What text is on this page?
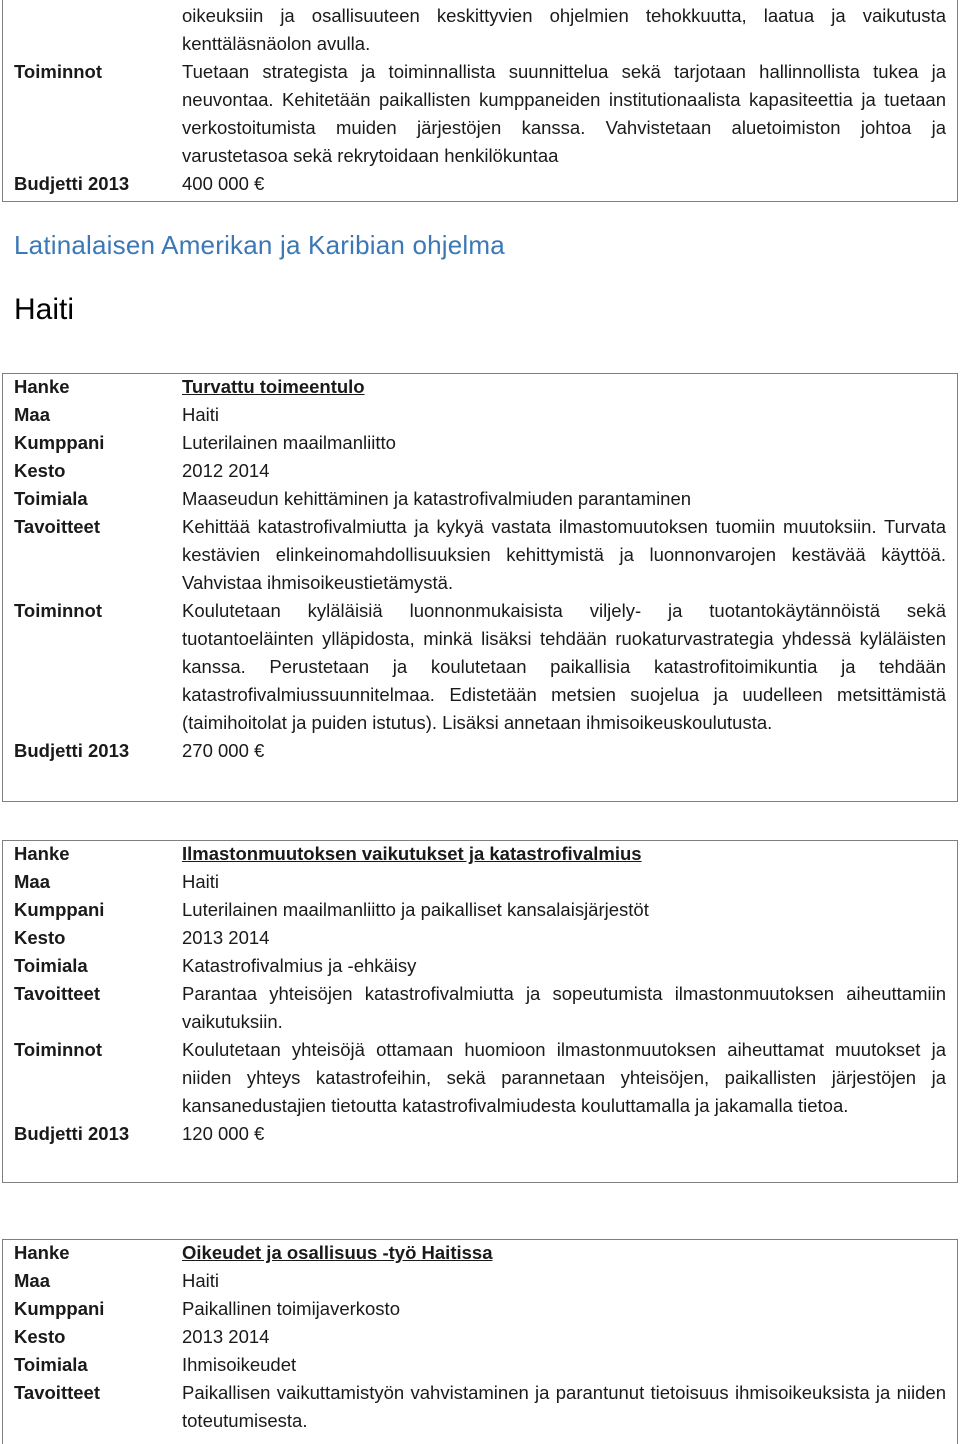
	oikeuksiin ja osallisuuteen keskittyvien ohjelmien tehokkuutta, laatua ja vaikutusta kenttäläsnäolon avulla.
Toiminnot	Tuetaan strategista ja toiminnallista suunnittelua sekä tarjotaan hallinnollista tukea ja neuvontaa. Kehitetään paikallisten kumppaneiden institutionaalista kapasiteettia ja tuetaan verkostoitumista muiden järjestöjen kanssa. Vahvistetaan aluetoimiston johtoa ja varustetasoa sekä rekrytoidaan henkilökuntaa
Budjetti 2013	400 000 €
Latinalaisen Amerikan ja Karibian ohjelma
Haiti
Hanke	Turvattu toimeentulo
Maa	Haiti
Kumppani	Luterilainen maailmanliitto
Kesto	2012 2014
Toimiala	Maaseudun kehittäminen ja katastrofivalmiuden parantaminen
Tavoitteet	Kehittää katastrofivalmiutta ja kykyä vastata ilmastomuutoksen tuomiin muutoksiin. Turvata kestävien elinkeinomahdollisuuksien kehittymistä ja luonnonvarojen kestävää käyttöä. Vahvistaa ihmisoikeustietämystä.
Toiminnot	Koulutetaan kyläläisiä luonnonmukaisista viljely- ja tuotantokäytännöistä sekä tuotantoeläinten ylläpidosta, minkä lisäksi tehdään ruokaturvastrategia yhdessä kyläläisten kanssa. Perustetaan ja koulutetaan paikallisia katastrofitoimikuntia ja tehdään katastrofivalmiussuunnitelmaa. Edistetään metsien suojelua ja uudelleen metsittämistä (taimihoitolat ja puiden istutus). Lisäksi annetaan ihmisoikeuskoulutusta.
Budjetti 2013	270 000 €
Hanke	Ilmastonmuutoksen vaikutukset ja katastrofivalmius
Maa	Haiti
Kumppani	Luterilainen maailmanliitto ja paikalliset kansalaisjärjestöt
Kesto	2013 2014
Toimiala	Katastrofivalmius ja -ehkäisy
Tavoitteet	Parantaa yhteisöjen katastrofivalmiutta ja sopeutumista ilmastonmuutoksen aiheuttamiin vaikutuksiin.
Toiminnot	Koulutetaan yhteisöjä ottamaan huomioon ilmastonmuutoksen aiheuttamat muutokset ja niiden yhteys katastrofeihin, sekä parannetaan yhteisöjen, paikallisten järjestöjen ja kansanedustajien tietoutta katastrofivalmiudesta kouluttamalla ja jakamalla tietoa.
Budjetti 2013	120 000 €
Hanke	Oikeudet ja osallisuus -työ Haitissa
Maa	Haiti
Kumppani	Paikallinen toimijaverkosto
Kesto	2013 2014
Toimiala	Ihmisoikeudet
Tavoitteet	Paikallisen vaikuttamistyön vahvistaminen ja parantunut tietoisuus ihmisoikeuksista ja niiden toteutumisesta.
